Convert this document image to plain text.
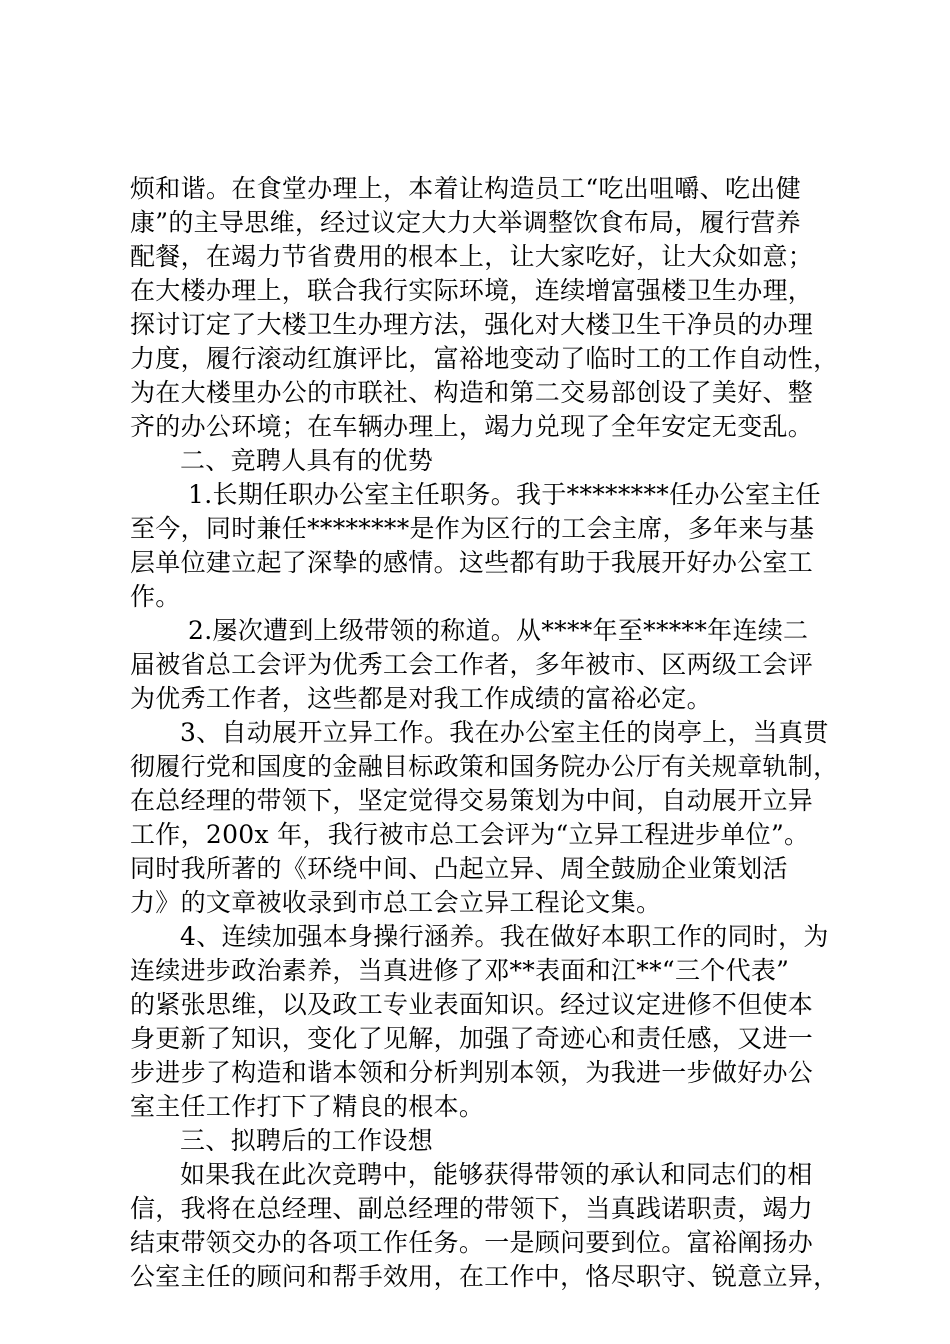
烦和谐。在食堂办理上，本着让构造员工“吃出咀嚼、吃出健
康”的主导思维，经过议定大力大举调整饮食布局，履行营养
配餐，在竭力节省费用的根本上，让大家吃好，让大众如意；
在大楼办理上，联合我行实际环境，连续增富强楼卫生办理，
探讨订定了大楼卫生办理方法，强化对大楼卫生干净员的办理
力度，履行滚动红旗评比，富裕地变动了临时工的工作自动性，
为在大楼里办公的市联社、构造和第二交易部创设了美好、整
齐的办公环境；在车辆办理上，竭力兑现了全年安定无变乱。
二、竞聘人具有的优势
1.长期任职办公室主任职务。我于********任办公室主任
至今，同时兼任********是作为区行的工会主席，多年来与基
层单位建立起了深挚的感情。这些都有助于我展开好办公室工
作。
2.屡次遭到上级带领的称道。从****年至*****年连续二
届被省总工会评为优秀工会工作者，多年被市、区两级工会评
为优秀工作者，这些都是对我工作成绩的富裕必定。
3、自动展开立异工作。我在办公室主任的岗亭上，当真贯
彻履行党和国度的金融目标政策和国务院办公厅有关规章轨制，
在总经理的带领下，坚定觉得交易策划为中间，自动展开立异
工作，200x 年，我行被市总工会评为“立异工程进步单位”。
同时我所著的《环绕中间、凸起立异、周全鼓励企业策划活
力》的文章被收录到市总工会立异工程论文集。
4、连续加强本身操行涵养。我在做好本职工作的同时，为
连续进步政治素养，当真进修了邓**表面和江**“三个代表”
的紧张思维，以及政工专业表面知识。经过议定进修不但使本
身更新了知识，变化了见解，加强了奇迹心和责任感，又进一
步进步了构造和谐本领和分析判别本领，为我进一步做好办公
室主任工作打下了精良的根本。
三、拟聘后的工作设想
如果我在此次竞聘中，能够获得带领的承认和同志们的相
信，我将在总经理、副总经理的带领下，当真践诺职责，竭力
结束带领交办的各项工作任务。一是顾问要到位。富裕阐扬办
公室主任的顾问和帮手效用，在工作中，恪尽职守、锐意立异，
